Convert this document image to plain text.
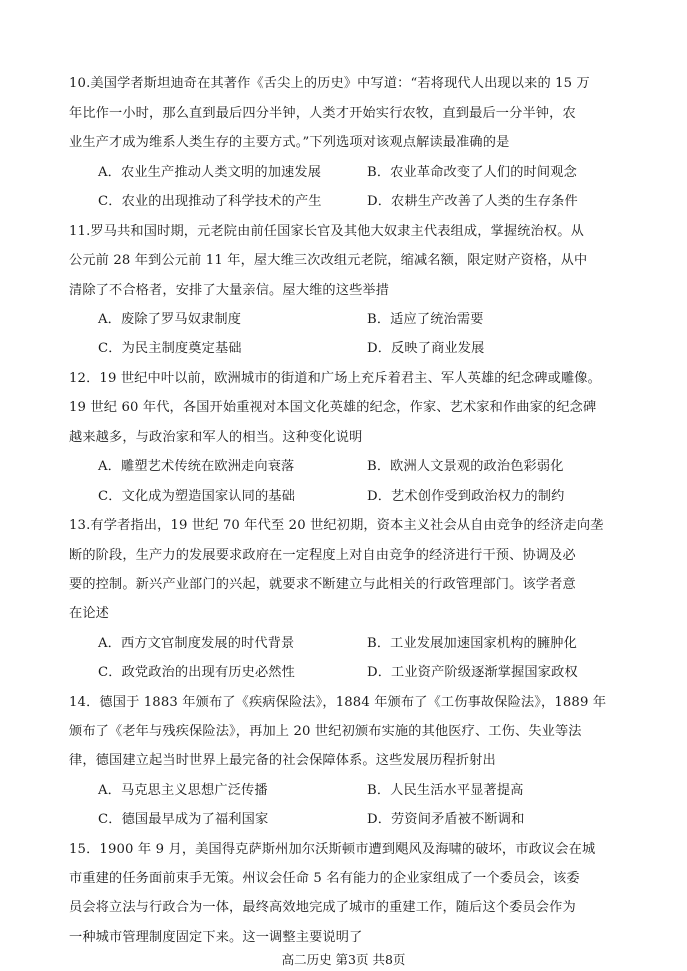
10.美国学者斯坦迪奇在其著作《舌尖上的历史》中写道：“若将现代人出现以来的 15 万
年比作一小时，那么直到最后四分半钟，人类才开始实行农牧，直到最后一分半钟，农
业生产才成为维系人类生存的主要方式。”下列选项对该观点解读最准确的是
A．农业生产推动人类文明的加速发展	B．农业革命改变了人们的时间观念
C．农业的出现推动了科学技术的产生	D．农耕生产改善了人类的生存条件
11.罗马共和国时期，元老院由前任国家长官及其他大奴隶主代表组成，掌握统治权。从
公元前 28 年到公元前 11 年，屋大维三次改组元老院，缩减名额，限定财产资格，从中
清除了不合格者，安排了大量亲信。屋大维的这些举措
A．废除了罗马奴隶制度	B．适应了统治需要
C．为民主制度奠定基础	D．反映了商业发展
12．19 世纪中叶以前，欧洲城市的街道和广场上充斥着君主、军人英雄的纪念碑或雕像。
19 世纪 60 年代，各国开始重视对本国文化英雄的纪念，作家、艺术家和作曲家的纪念碑
越来越多，与政治家和军人的相当。这种变化说明
A．雕塑艺术传统在欧洲走向衰落	B．欧洲人文景观的政治色彩弱化
C．文化成为塑造国家认同的基础	D．艺术创作受到政治权力的制约
13.有学者指出，19 世纪 70 年代至 20 世纪初期，资本主义社会从自由竞争的经济走向垄
断的阶段，生产力的发展要求政府在一定程度上对自由竞争的经济进行干预、协调及必
要的控制。新兴产业部门的兴起，就要求不断建立与此相关的行政管理部门。该学者意
在论述
A．西方文官制度发展的时代背景	B．工业发展加速国家机构的臃肿化
C．政党政治的出现有历史必然性	D．工业资产阶级逐渐掌握国家政权
14．德国于 1883 年颁布了《疾病保险法》，1884 年颁布了《工伤事故保险法》，1889 年
颁布了《老年与残疾保险法》，再加上 20 世纪初颁布实施的其他医疗、工伤、失业等法
律，德国建立起当时世界上最完备的社会保障体系。这些发展历程折射出
A．马克思主义思想广泛传播	B．人民生活水平显著提高
C．德国最早成为了福利国家	D．劳资间矛盾被不断调和
15．1900 年 9 月，美国得克萨斯州加尔沃斯顿市遭到飓风及海啸的破坏，市政议会在城
市重建的任务面前束手无策。州议会任命 5 名有能力的企业家组成了一个委员会，该委
员会将立法与行政合为一体，最终高效地完成了城市的重建工作，随后这个委员会作为
一种城市管理制度固定下来。这一调整主要说明了
高二历史 第3页 共8页
